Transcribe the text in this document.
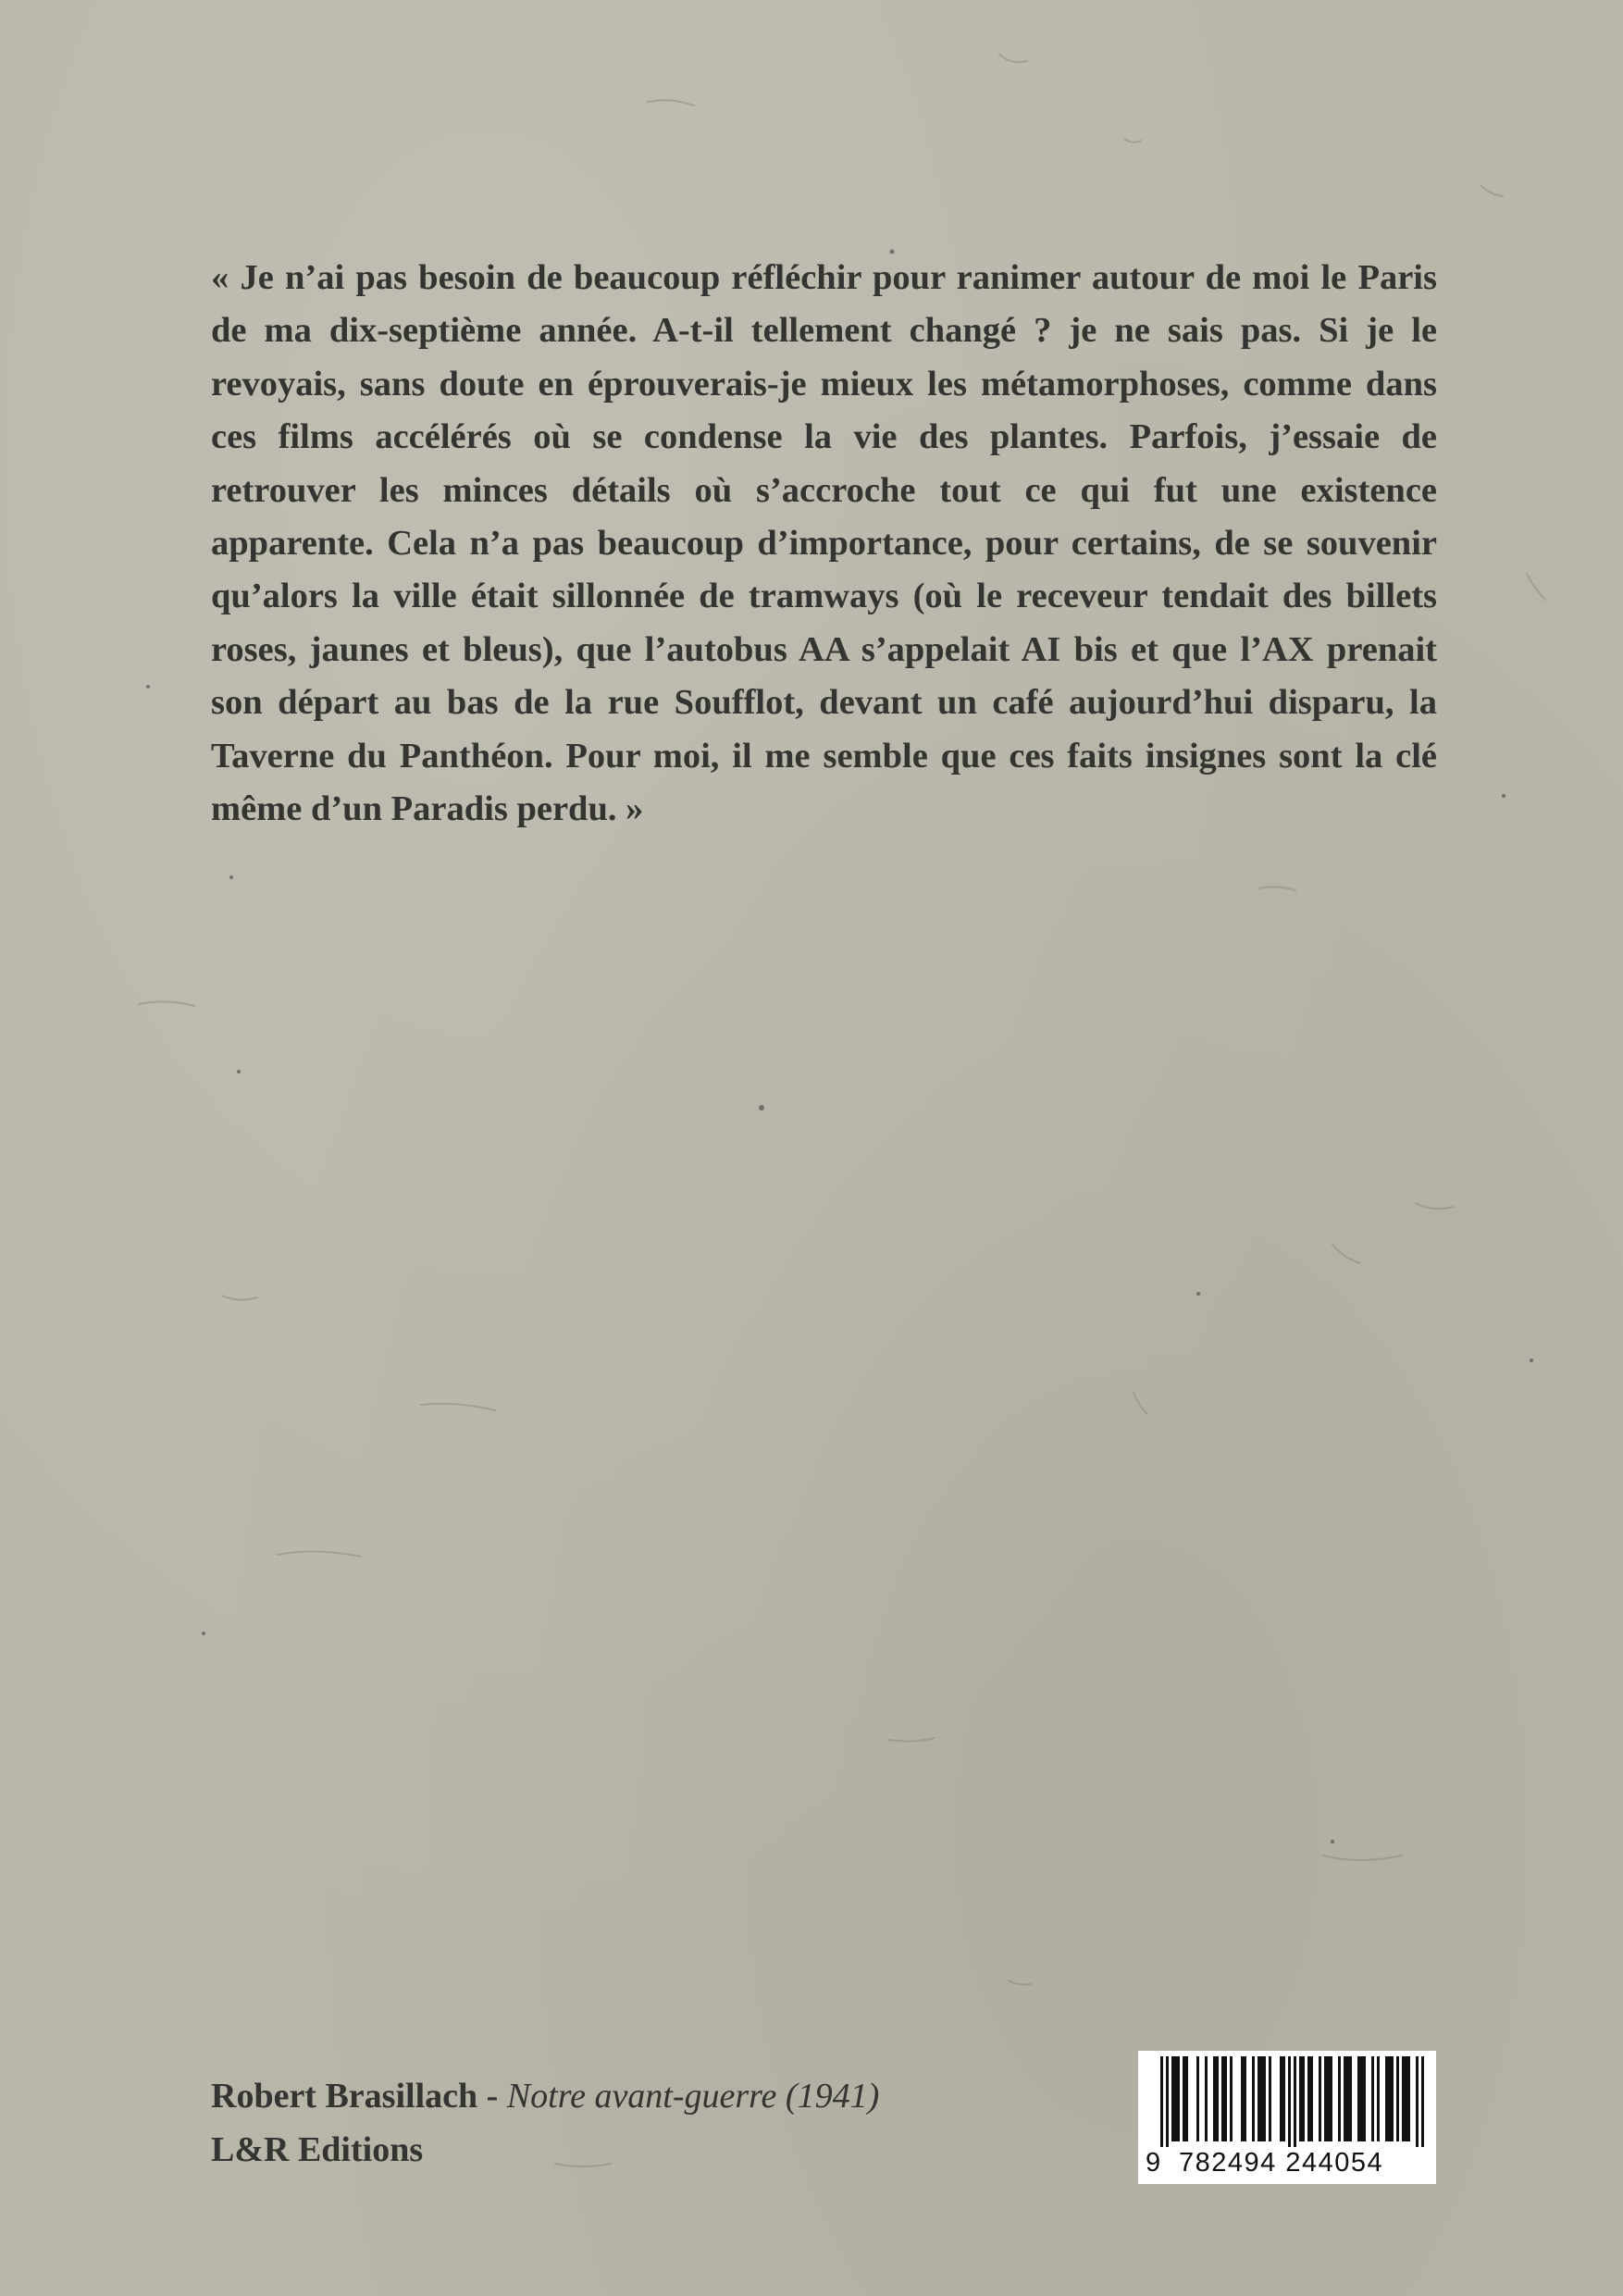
« Je n’ai pas besoin de beaucoup réfléchir pour ranimer autour de moi le Paris de ma dix-septième année. A-t-il tellement changé ? je ne sais pas. Si je le revoyais, sans doute en éprouverais-je mieux les métamorphoses, comme dans ces films accélérés où se condense la vie des plantes. Parfois, j’essaie de retrouver les minces détails où s’accroche tout ce qui fut une existence apparente. Cela n’a pas beaucoup d’importance, pour certains, de se souvenir qu’alors la ville était sillonnée de tramways (où le receveur tendait des billets roses, jaunes et bleus), que l’autobus AA s’appelait AI bis et que l’AX prenait son départ au bas de la rue Soufflot, devant un café aujourd’hui disparu, la Taverne du Panthéon. Pour moi, il me semble que ces faits insignes sont la clé même d’un Paradis perdu. »

Robert Brasillach - Notre avant-guerre (1941)
L&R Editions	9 782494 244054
